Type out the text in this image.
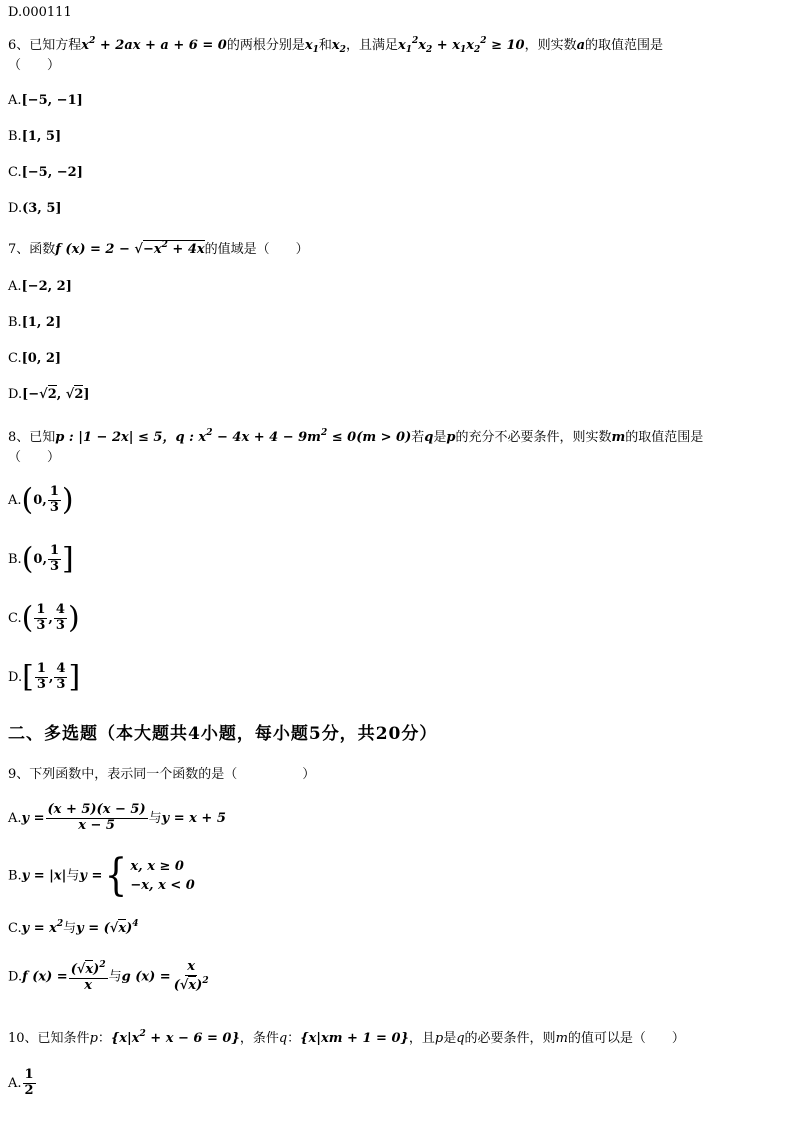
D.000111
6、已知方程$x^2 + 2ax + a + 6 = 0$的两根分别是$x_1$和$x_2$，且满足$x_1^2x_2 + x_1x_2^2 \ge 10$，则实数a的取值范围是
（　　）
A.[−5, −1]
B.[1, 5]
C.[−5, −2]
D.(3, 5]
7、函数f $(x) = 2 - √-x^2 + 4x$的值域是（　　）
A.[−2, 2]
B.[1, 2]
C.[0, 2]
D.[−√2, √2]
8、已知p : |1 − 2x| ≤ 5，q : $x^2 - 4x + 4 - 9m^2 \le 0(m > 0)$若q是p的充分不必要条件，则实数m的取值范围是
（　　）
A.(0, $\frac{1}{3}$ )
B.(0, $\frac{1}{3}$ ]
$C.( \frac{1}{3}$ , $\frac{4}{3}$ )
$D.[ \frac{1}{3}$ , $\frac{4}{3}$ ]
二、多选题（本大题共4小题，每小题5分，共20分）
9、下列函数中，表示同一个函数的是（　　　　　）
$A.y = \frac{(x + 5)(x - 5)}{x - 5}$ 与y = x + 5
B.y = |x|与y ={ x, x ≥ 0
−x, x < 0
$C.y = x^2$与$y = (√x)^4$
D.f $(x) = \frac{(√x)^2}{x}$ 与g $(x) = \frac{x}{(√x)^2}$
10、已知条件p：$\{x|x^2 + x - 6 = 0\}$，条件q：{x|xm + 1 = 0}，且p是q的必要条件，则m的值可以是（　　）
A. $\frac{1}{2}$
